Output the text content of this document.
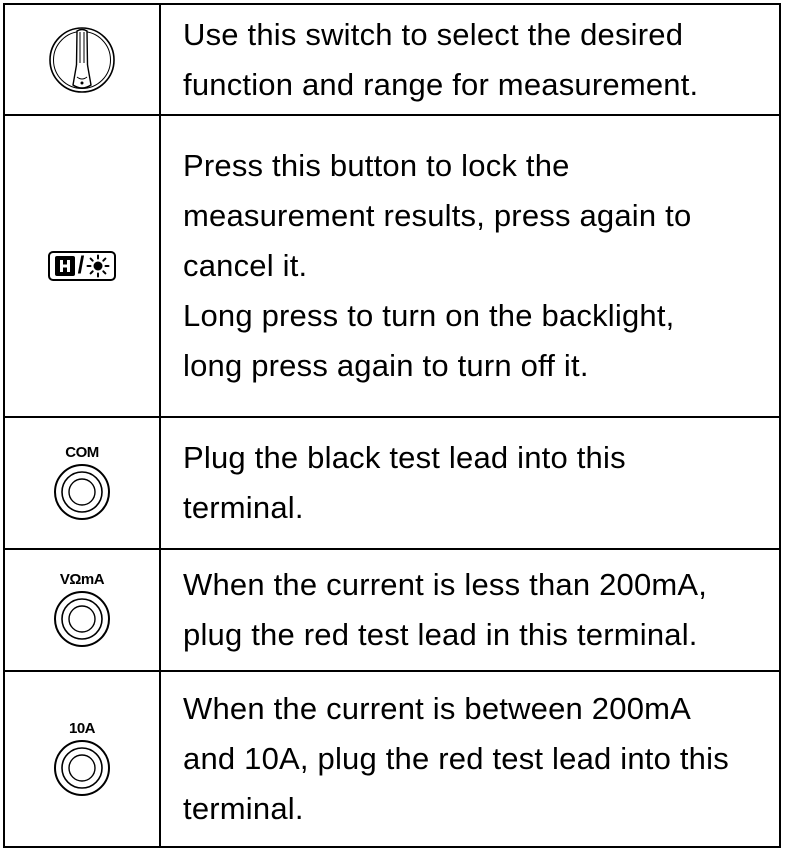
Use this switch to select the desired

function and range for measurement.

/

Press this button to lock the

measurement results, press again to

cancel it.

Long press to turn on the backlight,

long press again to turn off it.

COM	Plug the black test lead into this

terminal.

VΩmA	When the current is less than 200mA,

plug the red test lead in this terminal.

10A

When the current is between 200mA

and 10A, plug the red test lead into this

terminal.
